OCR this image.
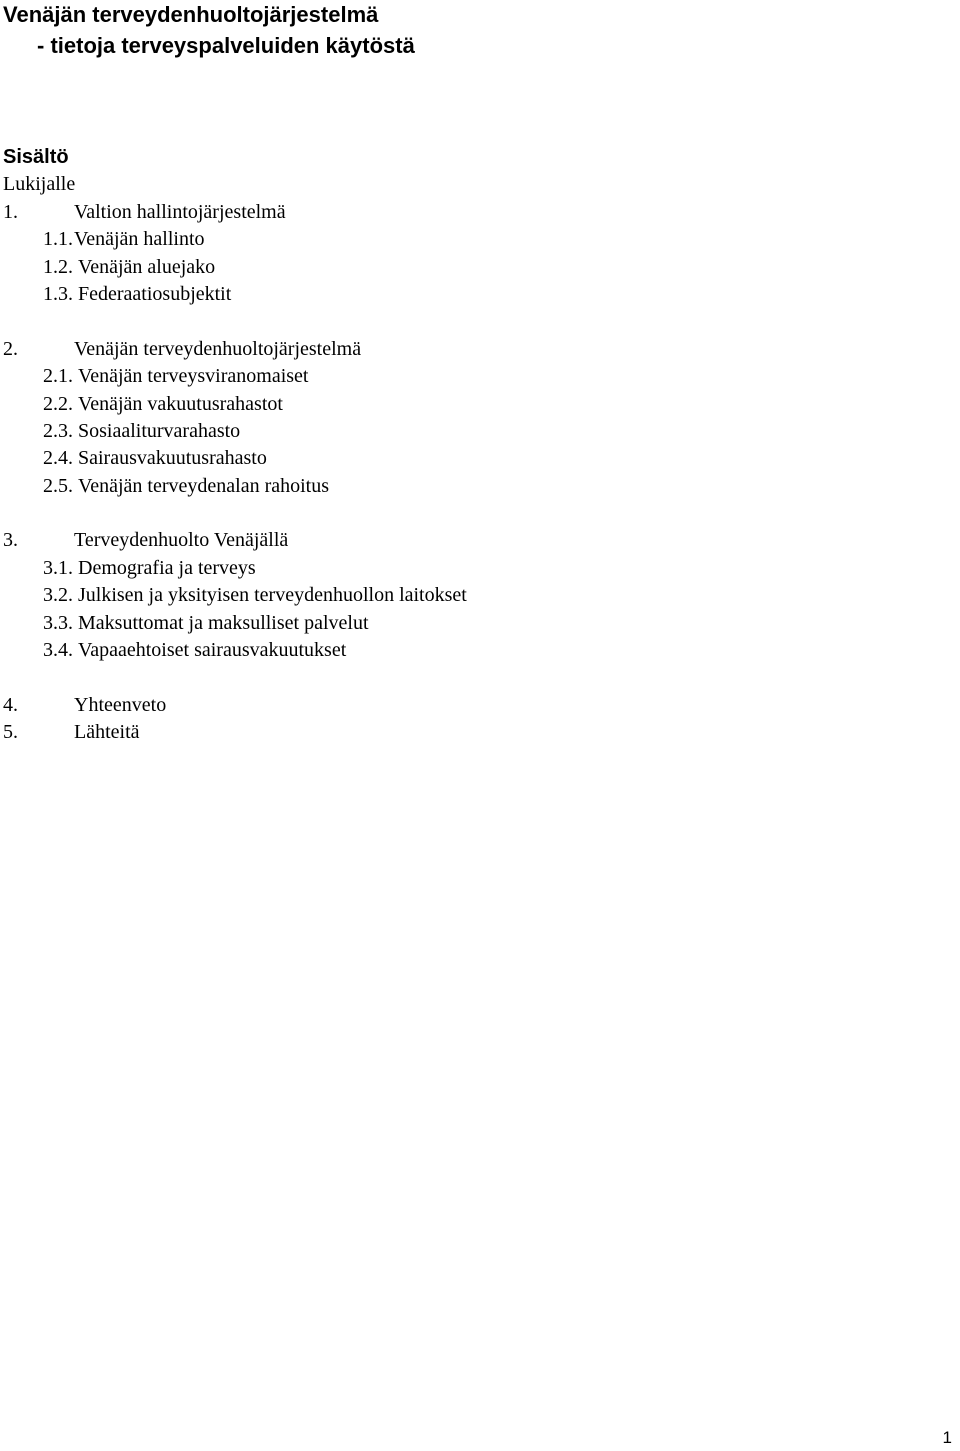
Venäjän terveydenhuoltojärjestelmä
- tietoja terveyspalveluiden käytöstä
Sisältö
Lukijalle
1.	Valtion hallintojärjestelmä
1.1.Venäjän hallinto
1.2. Venäjän aluejako
1.3. Federaatiosubjektit
2.	Venäjän terveydenhuoltojärjestelmä
2.1. Venäjän terveysviranomaiset
2.2. Venäjän vakuutusrahastot
2.3. Sosiaaliturvarahasto
2.4. Sairausvakuutusrahasto
2.5. Venäjän terveydenalan rahoitus
3.	Terveydenhuolto Venäjällä
3.1. Demografia ja terveys
3.2. Julkisen ja yksityisen terveydenhuollon laitokset
3.3. Maksuttomat ja maksulliset palvelut
3.4. Vapaaehtoiset sairausvakuutukset
4.	Yhteenveto
5.	Lähteitä
1
